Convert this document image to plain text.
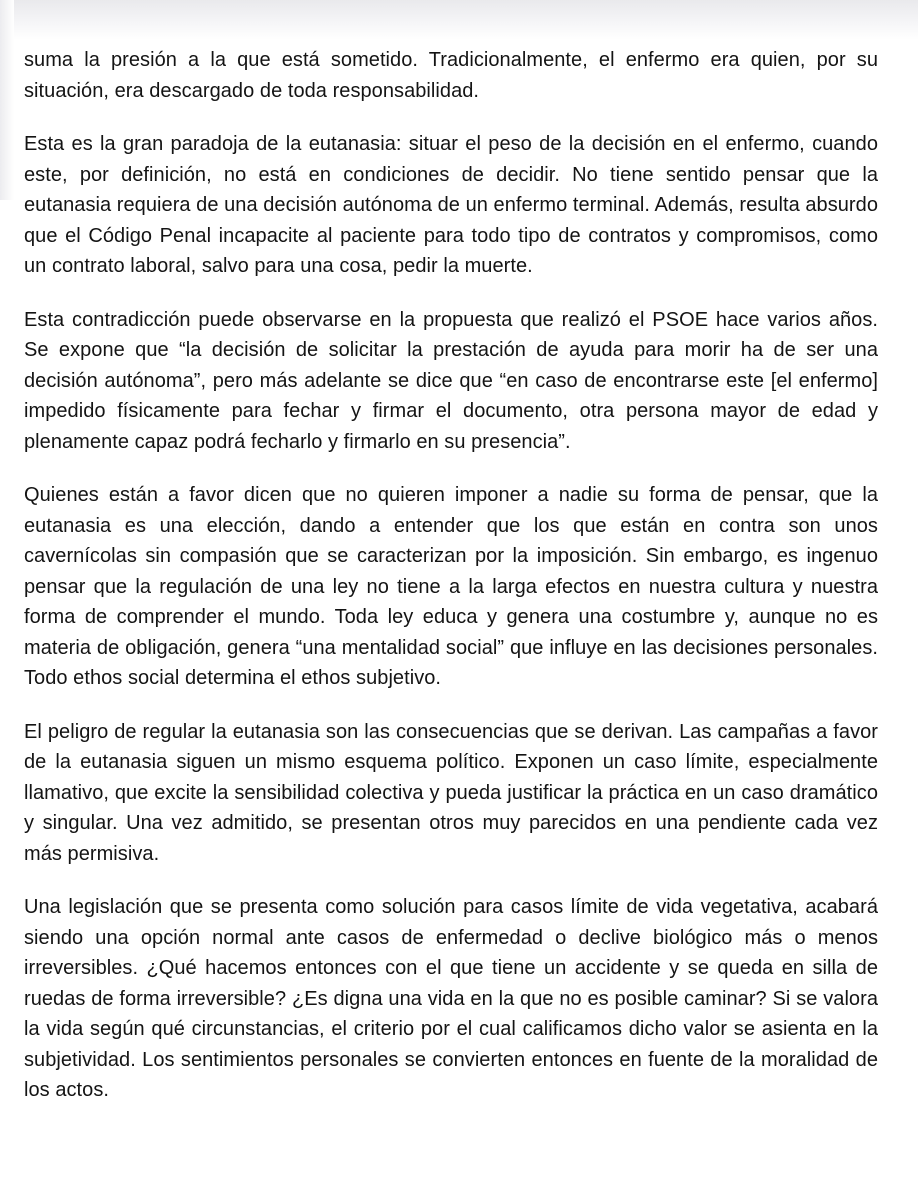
suma la presión a la que está sometido. Tradicionalmente, el enfermo era quien, por su situación, era descargado de toda responsabilidad.

Esta es la gran paradoja de la eutanasia: situar el peso de la decisión en el enfermo, cuando este, por definición, no está en condiciones de decidir. No tiene sentido pensar que la eutanasia requiera de una decisión autónoma de un enfermo terminal. Además, resulta absurdo que el Código Penal incapacite al paciente para todo tipo de contratos y compromisos, como un contrato laboral, salvo para una cosa, pedir la muerte.

Esta contradicción puede observarse en la propuesta que realizó el PSOE hace varios años. Se expone que “la decisión de solicitar la prestación de ayuda para morir ha de ser una decisión autónoma”, pero más adelante se dice que “en caso de encontrarse este [el enfermo] impedido físicamente para fechar y firmar el documento, otra persona mayor de edad y plenamente capaz podrá fecharlo y firmarlo en su presencia”.

Quienes están a favor dicen que no quieren imponer a nadie su forma de pensar, que la eutanasia es una elección, dando a entender que los que están en contra son unos cavernícolas sin compasión que se caracterizan por la imposición. Sin embargo, es ingenuo pensar que la regulación de una ley no tiene a la larga efectos en nuestra cultura y nuestra forma de comprender el mundo. Toda ley educa y genera una costumbre y, aunque no es materia de obligación, genera “una mentalidad social” que influye en las decisiones personales. Todo ethos social determina el ethos subjetivo.

El peligro de regular la eutanasia son las consecuencias que se derivan. Las campañas a favor de la eutanasia siguen un mismo esquema político. Exponen un caso límite, especialmente llamativo, que excite la sensibilidad colectiva y pueda justificar la práctica en un caso dramático y singular. Una vez admitido, se presentan otros muy parecidos en una pendiente cada vez más permisiva.

Una legislación que se presenta como solución para casos límite de vida vegetativa, acabará siendo una opción normal ante casos de enfermedad o declive biológico más o menos irreversibles. ¿Qué hacemos entonces con el que tiene un accidente y se queda en silla de ruedas de forma irreversible? ¿Es digna una vida en la que no es posible caminar? Si se valora la vida según qué circunstancias, el criterio por el cual calificamos dicho valor se asienta en la subjetividad. Los sentimientos personales se convierten entonces en fuente de la moralidad de los actos.
